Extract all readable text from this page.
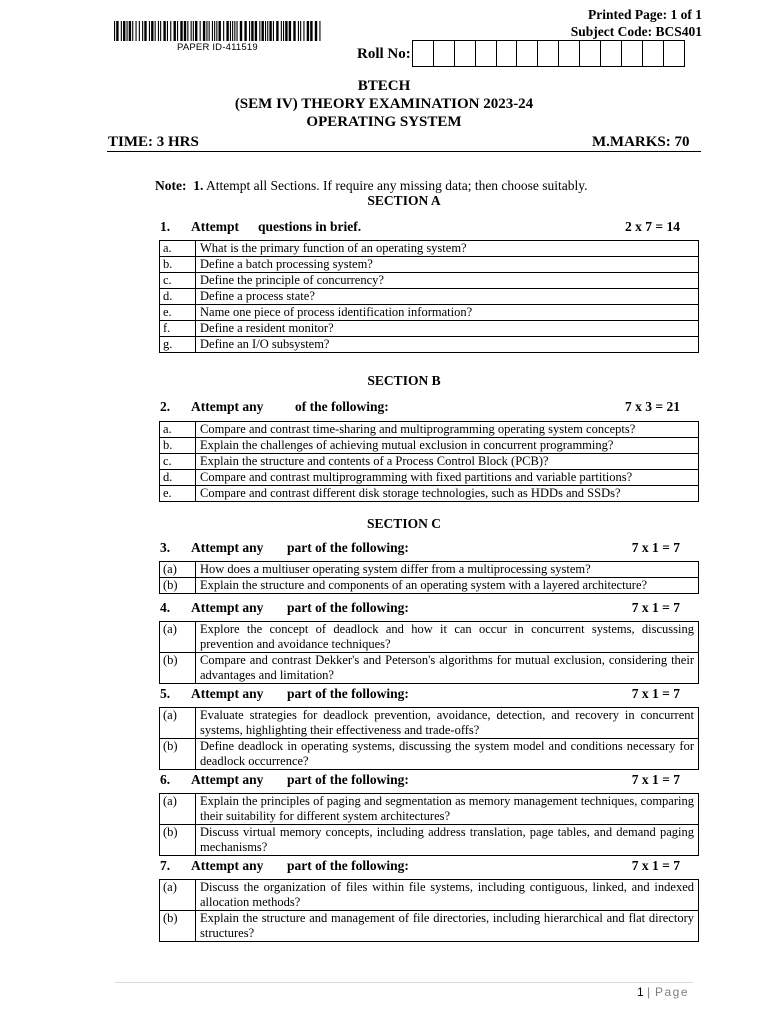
PAPER ID-411519
Printed Page: 1 of 1
Subject Code: BCS401
Roll No:
BTECH
(SEM IV) THEORY EXAMINATION 2023-24
OPERATING SYSTEM
TIME: 3 HRS	M.MARKS: 70
Note: 1. Attempt all Sections. If require any missing data; then choose suitably.
SECTION A
1. Attempt questions in brief.	2 x 7 = 14
a.	What is the primary function of an operating system?
b.	Define a batch processing system?
c.	Define the principle of concurrency?
d.	Define a process state?
e.	Name one piece of process identification information?
f.	Define a resident monitor?
g.	Define an I/O subsystem?
SECTION B
2. Attempt any of the following:	7 x 3 = 21
a.	Compare and contrast time-sharing and multiprogramming operating system concepts?
b.	Explain the challenges of achieving mutual exclusion in concurrent programming?
c.	Explain the structure and contents of a Process Control Block (PCB)?
d.	Compare and contrast multiprogramming with fixed partitions and variable partitions?
e.	Compare and contrast different disk storage technologies, such as HDDs and SSDs?
SECTION C
3. Attempt any part of the following:	7 x 1 = 7
(a)	How does a multiuser operating system differ from a multiprocessing system?
(b)	Explain the structure and components of an operating system with a layered architecture?
4. Attempt any part of the following:	7 x 1 = 7
(a)	Explore the concept of deadlock and how it can occur in concurrent systems, discussing prevention and avoidance techniques?
(b)	Compare and contrast Dekker's and Peterson's algorithms for mutual exclusion, considering their advantages and limitation?
5. Attempt any part of the following:	7 x 1 = 7
(a)	Evaluate strategies for deadlock prevention, avoidance, detection, and recovery in concurrent systems, highlighting their effectiveness and trade-offs?
(b)	Define deadlock in operating systems, discussing the system model and conditions necessary for deadlock occurrence?
6. Attempt any part of the following:	7 x 1 = 7
(a)	Explain the principles of paging and segmentation as memory management techniques, comparing their suitability for different system architectures?
(b)	Discuss virtual memory concepts, including address translation, page tables, and demand paging mechanisms?
7. Attempt any part of the following:	7 x 1 = 7
(a)	Discuss the organization of files within file systems, including contiguous, linked, and indexed allocation methods?
(b)	Explain the structure and management of file directories, including hierarchical and flat directory structures?
1 | Page
